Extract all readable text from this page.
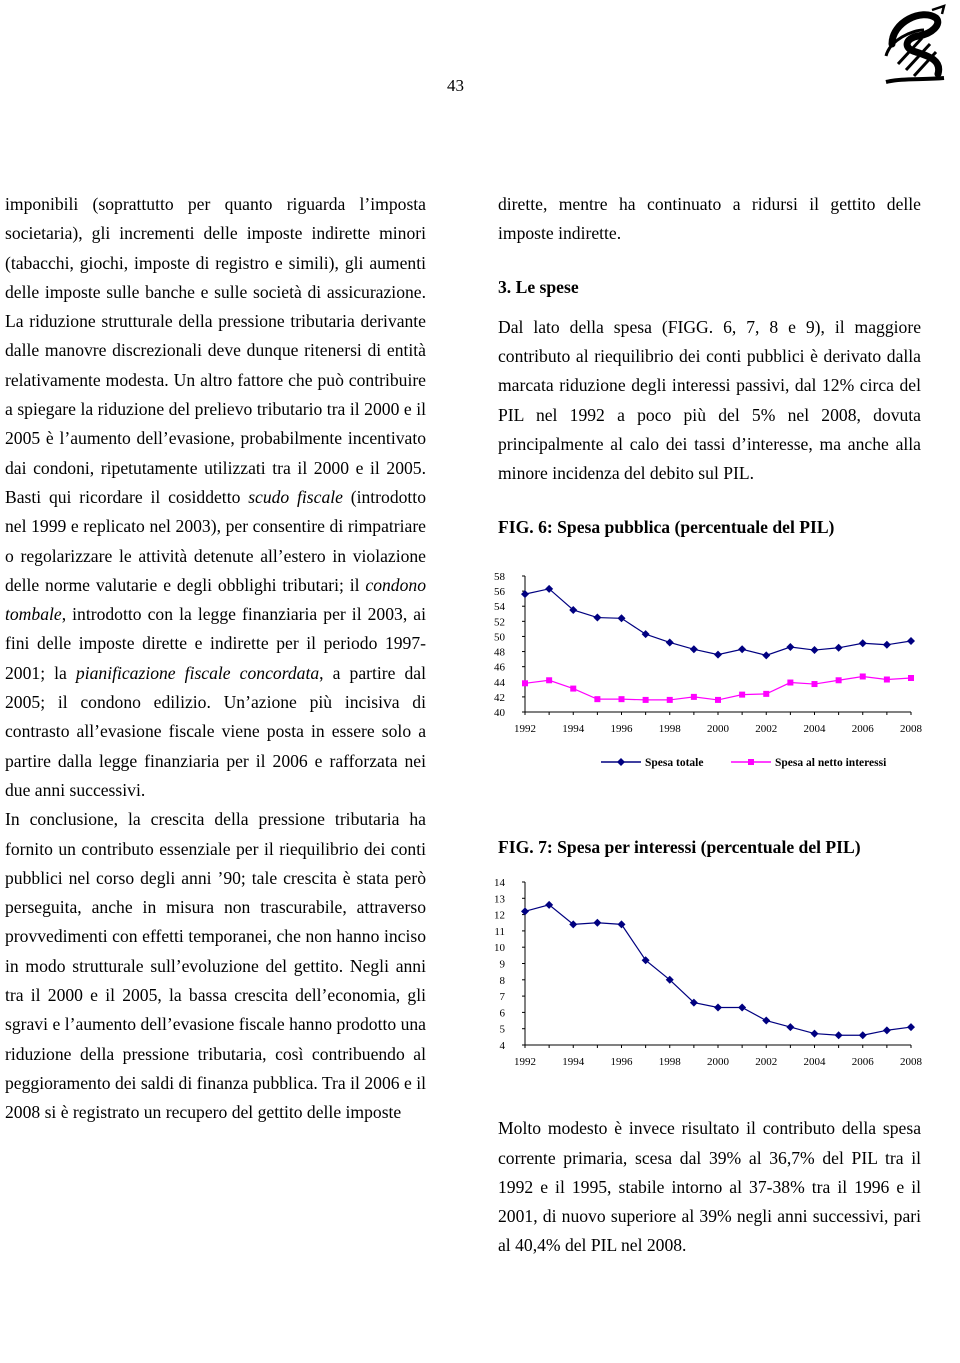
43

imponibili (soprattutto per quanto riguarda l’imposta societaria), gli incrementi delle imposte indirette minori (tabacchi, giochi, imposte di registro e simili), gli aumenti delle imposte sulle banche e sulle società di assicurazione. La riduzione strutturale della pressione tributaria derivante dalle manovre discrezionali deve dunque ritenersi di entità relativamente modesta. Un altro fattore che può contribuire a spiegare la riduzione del prelievo tributario tra il 2000 e il 2005 è l’aumento dell’evasione, probabilmente incentivato dai condoni, ripetutamente utilizzati tra il 2000 e il 2005. Basti qui ricordare il cosiddetto scudo fiscale (introdotto nel 1999 e replicato nel 2003), per consentire di rimpatriare o regolarizzare le attività detenute all’estero in violazione delle norme valutarie e degli obblighi tributari; il condono tombale, introdotto con la legge finanziaria per il 2003, ai fini delle imposte dirette e indirette per il periodo 1997-2001; la pianificazione fiscale concordata, a partire dal 2005; il condono edilizio. Un’azione più incisiva di contrasto all’evasione fiscale viene posta in essere solo a partire dalla legge finanziaria per il 2006 e rafforzata nei due anni successivi.

In conclusione, la crescita della pressione tributaria ha fornito un contributo essenziale per il riequilibrio dei conti pubblici nel corso degli anni ’90; tale crescita è stata però perseguita, anche in misura non trascurabile, attraverso provvedimenti con effetti temporanei, che non hanno inciso in modo strutturale sull’evoluzione del gettito. Negli anni tra il 2000 e il 2005, la bassa crescita dell’economia, gli sgravi e l’aumento dell’evasione fiscale hanno prodotto una riduzione della pressione tributaria, così contribuendo al peggioramento dei saldi di finanza pubblica. Tra il 2006 e il 2008 si è registrato un recupero del gettito delle imposte

dirette, mentre ha continuato a ridursi il gettito delle imposte indirette.

3. Le spese

Dal lato della spesa (FIGG. 6, 7, 8 e 9), il maggiore contributo al riequilibrio dei conti pubblici è derivato dalla marcata riduzione degli interessi passivi, dal 12% circa del PIL nel 1992 a poco più del 5% nel 2008, dovuta principalmente al calo dei tassi d’interesse, ma anche alla minore incidenza del debito sul PIL.

FIG. 6: Spesa pubblica (percentuale del PIL)
40
42
44
46
48
50
52
54
56
58
1992 1994 1996 1998 2000 2002 2004 2006 2008
Spesa totale	Spesa al netto interessi
FIG. 7: Spesa per interessi (percentuale del PIL)
4
5
6
7
8
9
10
11
12
13
14
1992 1994 1996 1998 2000 2002 2004 2006 2008

Molto modesto è invece risultato il contributo della spesa corrente primaria, scesa dal 39% al 36,7% del PIL tra il 1992 e il 1995, stabile intorno al 37-38% tra il 1996 e il 2001, di nuovo superiore al 39% negli anni successivi, pari al 40,4% del PIL nel 2008.
